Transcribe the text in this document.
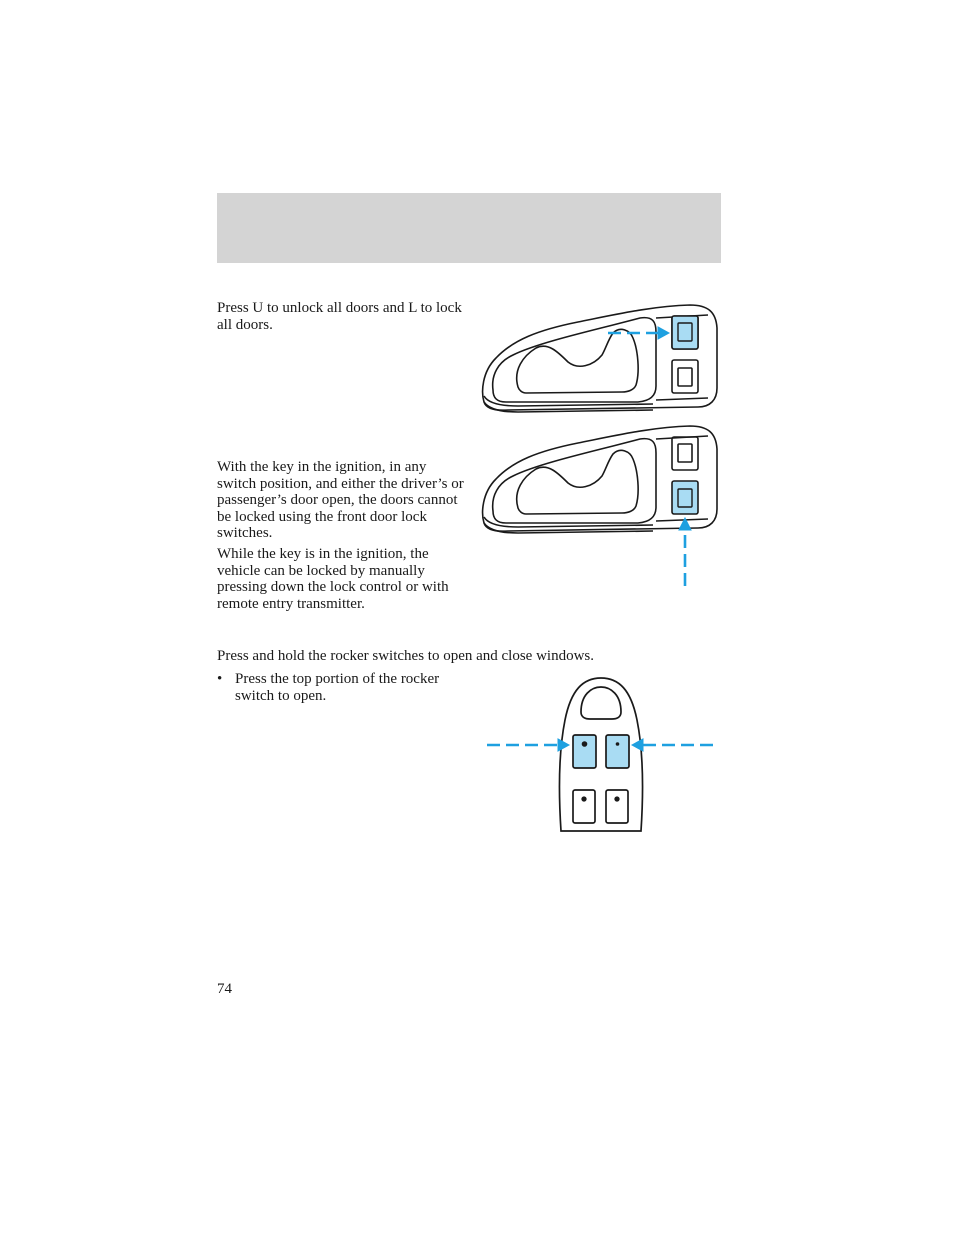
Press U to unlock all doors and L to lock all doors.

With the key in the ignition, in any switch position, and either the driver’s or passenger’s door open, the doors cannot be locked using the front door lock switches.

While the key is in the ignition, the vehicle can be locked by manually pressing down the lock control or with remote entry transmitter.

Press and hold the rocker switches to open and close windows.

• Press the top portion of the rocker switch to open.
74
